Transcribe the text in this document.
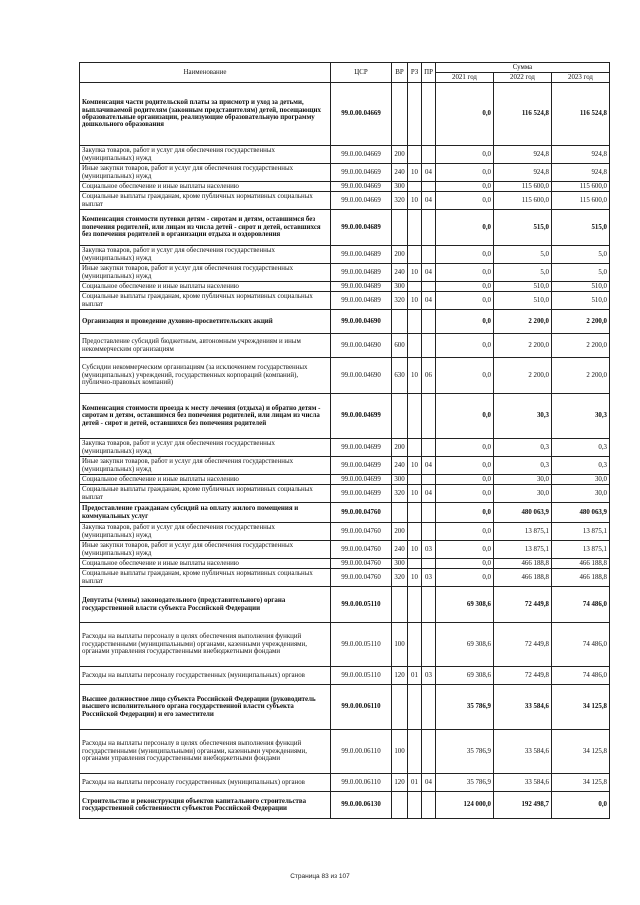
Наименование	ЦСР	ВР	РЗ	ПР	Сумма		
					2021 год	2022 год	2023 год
Компенсация части родительской платы за присмотр и уход за детьми, выплачиваемой родителям (законным представителям) детей, посещающих образовательные организации, реализующие образовательную программу дошкольного образования	99.0.00.04669				0,0	116 524,8	116 524,8
Закупка товаров, работ и услуг для обеспечения государственных (муниципальных) нужд	99.0.00.04669	200			0,0	924,8	924,8
Иные закупки товаров, работ и услуг для обеспечения государственных (муниципальных) нужд	99.0.00.04669	240	10	04	0,0	924,8	924,8
Социальное обеспечение и иные выплаты населению	99.0.00.04669	300			0,0	115 600,0	115 600,0
Социальные выплаты гражданам, кроме публичных нормативных социальных выплат	99.0.00.04669	320	10	04	0,0	115 600,0	115 600,0
Компенсация стоимости путевки детям - сиротам и детям, оставшимся без попечения родителей, или лицам из числа детей - сирот и детей, оставшихся без попечения родителей в организации отдыха и оздоровления	99.0.00.04689				0,0	515,0	515,0
Закупка товаров, работ и услуг для обеспечения государственных (муниципальных) нужд	99.0.00.04689	200			0,0	5,0	5,0
Иные закупки товаров, работ и услуг для обеспечения государственных (муниципальных) нужд	99.0.00.04689	240	10	04	0,0	5,0	5,0
Социальное обеспечение и иные выплаты населению	99.0.00.04689	300			0,0	510,0	510,0
Социальные выплаты гражданам, кроме публичных нормативных социальных выплат	99.0.00.04689	320	10	04	0,0	510,0	510,0
Организация и проведение духовно-просветительских акций	99.0.00.04690				0,0	2 200,0	2 200,0
Предоставление субсидий бюджетным, автономным учреждениям и иным некоммерческим организациям	99.0.00.04690	600			0,0	2 200,0	2 200,0
Субсидии некоммерческим организациям (за исключением государственных (муниципальных) учреждений, государственных корпораций (компаний), публично-правовых компаний)	99.0.00.04690	630	10	06	0,0	2 200,0	2 200,0
Компенсация стоимости проезда к месту лечения (отдыха) и обратно детям - сиротам и детям, оставшимся без попечения родителей, или лицам из числа детей - сирот и детей, оставшихся без попечения родителей	99.0.00.04699				0,0	30,3	30,3
Закупка товаров, работ и услуг для обеспечения государственных (муниципальных) нужд	99.0.00.04699	200			0,0	0,3	0,3
Иные закупки товаров, работ и услуг для обеспечения государственных (муниципальных) нужд	99.0.00.04699	240	10	04	0,0	0,3	0,3
Социальное обеспечение и иные выплаты населению	99.0.00.04699	300			0,0	30,0	30,0
Социальные выплаты гражданам, кроме публичных нормативных социальных выплат	99.0.00.04699	320	10	04	0,0	30,0	30,0
Предоставление гражданам субсидий на оплату жилого помещения и коммунальных услуг	99.0.00.04760				0,0	480 063,9	480 063,9
Закупка товаров, работ и услуг для обеспечения государственных (муниципальных) нужд	99.0.00.04760	200			0,0	13 875,1	13 875,1
Иные закупки товаров, работ и услуг для обеспечения государственных (муниципальных) нужд	99.0.00.04760	240	10	03	0,0	13 875,1	13 875,1
Социальное обеспечение и иные выплаты населению	99.0.00.04760	300			0,0	466 188,8	466 188,8
Социальные выплаты гражданам, кроме публичных нормативных социальных выплат	99.0.00.04760	320	10	03	0,0	466 188,8	466 188,8
Депутаты (члены) законодательного (представительного) органа государственной власти субъекта Российской Федерации	99.0.00.05110				69 308,6	72 449,8	74 486,0
Расходы на выплаты персоналу в целях обеспечения выполнения функций государственными (муниципальными) органами, казенными учреждениями, органами управления государственными внебюджетными фондами	99.0.00.05110	100			69 308,6	72 449,8	74 486,0
Расходы на выплаты персоналу государственных (муниципальных) органов	99.0.00.05110	120	01	03	69 308,6	72 449,8	74 486,0
Высшее должностное лицо субъекта Российской Федерации (руководитель высшего исполнительного органа государственной власти субъекта Российской Федерации) и его заместители	99.0.00.06110				35 786,9	33 584,6	34 125,8
Расходы на выплаты персоналу в целях обеспечения выполнения функций государственными (муниципальными) органами, казенными учреждениями, органами управления государственными внебюджетными фондами	99.0.00.06110	100			35 786,9	33 584,6	34 125,8
Расходы на выплаты персоналу государственных (муниципальных) органов	99.0.00.06110	120	01	04	35 786,9	33 584,6	34 125,8
Строительство и реконструкция объектов капитального строительства государственной собственности субъектов Российской Федерации	99.0.00.06130				124 000,0	192 498,7	0,0
Страница 83 из 107
